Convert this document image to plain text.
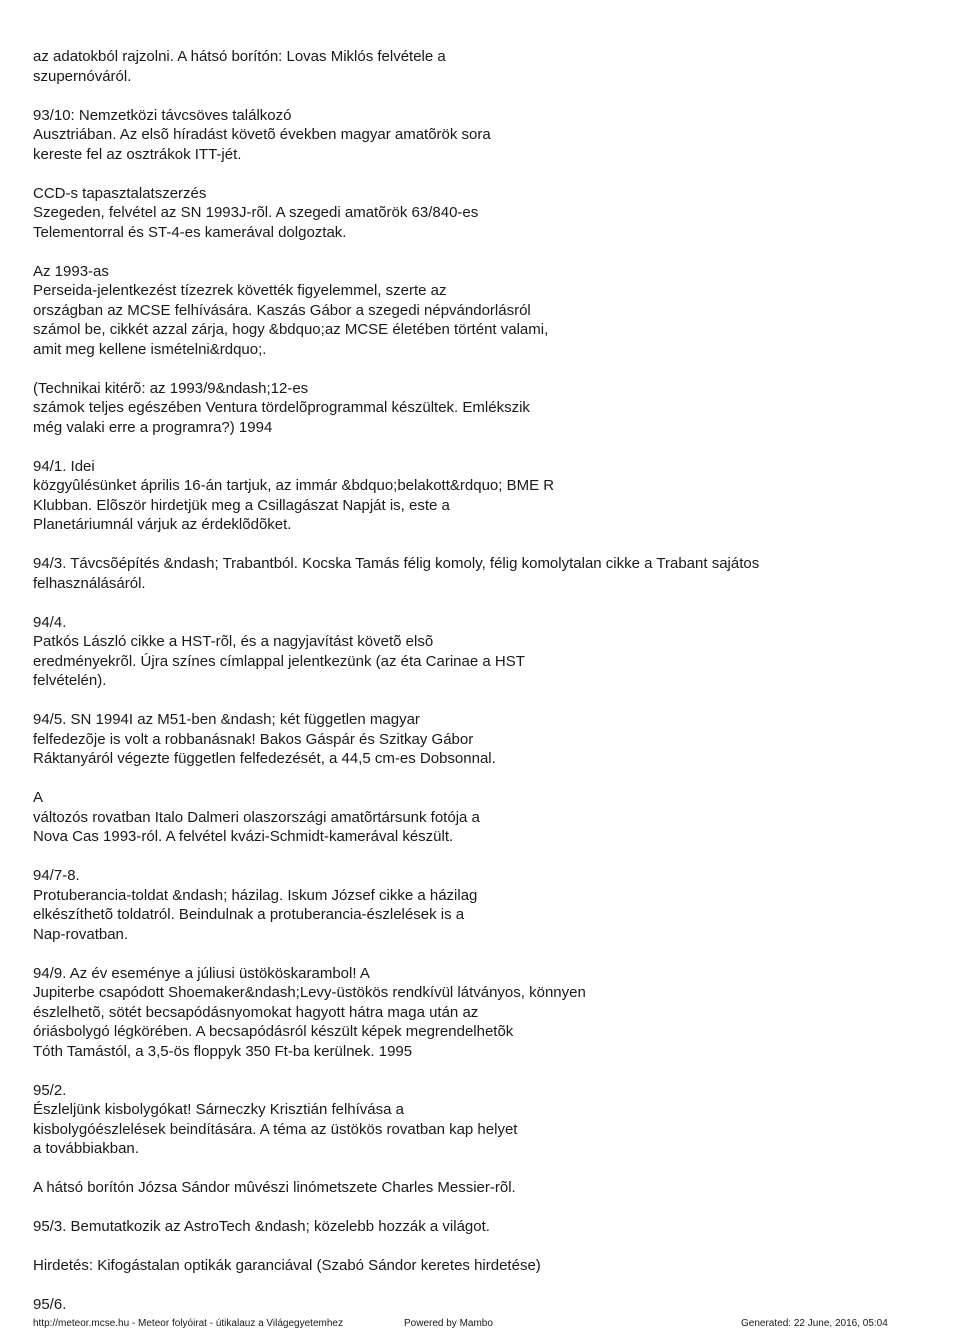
az adatokból rajzolni. A hátsó borítón: Lovas Miklós felvétele a
szupernóváról.
93/10: Nemzetközi távcsöves találkozó
Ausztriában. Az elsõ híradást követõ években magyar amatõrök sora
kereste fel az osztrákok ITT-jét.
CCD-s tapasztalatszerzés
Szegeden, felvétel az SN 1993J-rõl. A szegedi amatõrök 63/840-es
Telementorral és ST-4-es kamerával dolgoztak.
Az 1993-as
Perseida-jelentkezést tízezrek követték figyelemmel, szerte az
országban az MCSE felhívására. Kaszás Gábor a szegedi népvándorlásról
számol be, cikkét azzal zárja, hogy &bdquo;az MCSE életében történt valami,
amit meg kellene ismételni&rdquo;.
(Technikai kitérõ: az 1993/9&ndash;12-es
számok teljes egészében Ventura tördelõprogrammal készültek. Emlékszik
még valaki erre a programra?) 1994
94/1. Idei
közgyûlésünket április 16-án tartjuk, az immár &bdquo;belakott&rdquo; BME R
Klubban. Elõször hirdetjük meg a Csillagászat Napját is, este a
Planetáriumnál várjuk az érdeklõdõket.
94/3. Távcsõépítés &ndash; Trabantból. Kocska Tamás félig komoly, félig komolytalan cikke a Trabant sajátos
felhasználásáról.
94/4.
Patkós László cikke a HST-rõl, és a nagyjavítást követõ elsõ
eredményekrõl. Újra színes címlappal jelentkezünk (az éta Carinae a HST
felvételén).
94/5. SN 1994I az M51-ben &ndash; két független magyar
felfedezõje is volt a robbanásnak! Bakos Gáspár és Szitkay Gábor
Ráktanyáról végezte független felfedezését, a 44,5 cm-es Dobsonnal.
A
változós rovatban Italo Dalmeri olaszországi amatõrtársunk fotója a
Nova Cas 1993-ról. A felvétel kvázi-Schmidt-kamerával készült.
94/7-8.
Protuberancia-toldat &ndash; házilag. Iskum József cikke a házilag
elkészíthetõ toldatról. Beindulnak a protuberancia-észlelések is a
Nap-rovatban.
94/9. Az év eseménye a júliusi üstököskarambol! A
Jupiterbe csapódott Shoemaker&ndash;Levy-üstökös rendkívül látványos, könnyen
észlelhetõ, sötét becsapódásnyomokat hagyott hátra maga után az
óriásbolygó légkörében. A becsapódásról készült képek megrendelhetõk
Tóth Tamástól, a 3,5-ös floppyk 350 Ft-ba kerülnek. 1995
95/2.
Észleljünk kisbolygókat! Sárneczky Krisztián felhívása a
kisbolygóészlelések beindítására. A téma az üstökös rovatban kap helyet
a továbbiakban.
A hátsó borítón Józsa Sándor mûvészi linómetszete Charles Messier-rõl.
95/3. Bemutatkozik az AstroTech &ndash; közelebb hozzák a világot.
Hirdetés: Kifogástalan optikák garanciával (Szabó Sándor keretes hirdetése)
95/6.
http://meteor.mcse.hu - Meteor folyóirat - útikalauz a Világegyetemhez	Powered by Mambo	Generated: 22 June, 2016, 05:04
